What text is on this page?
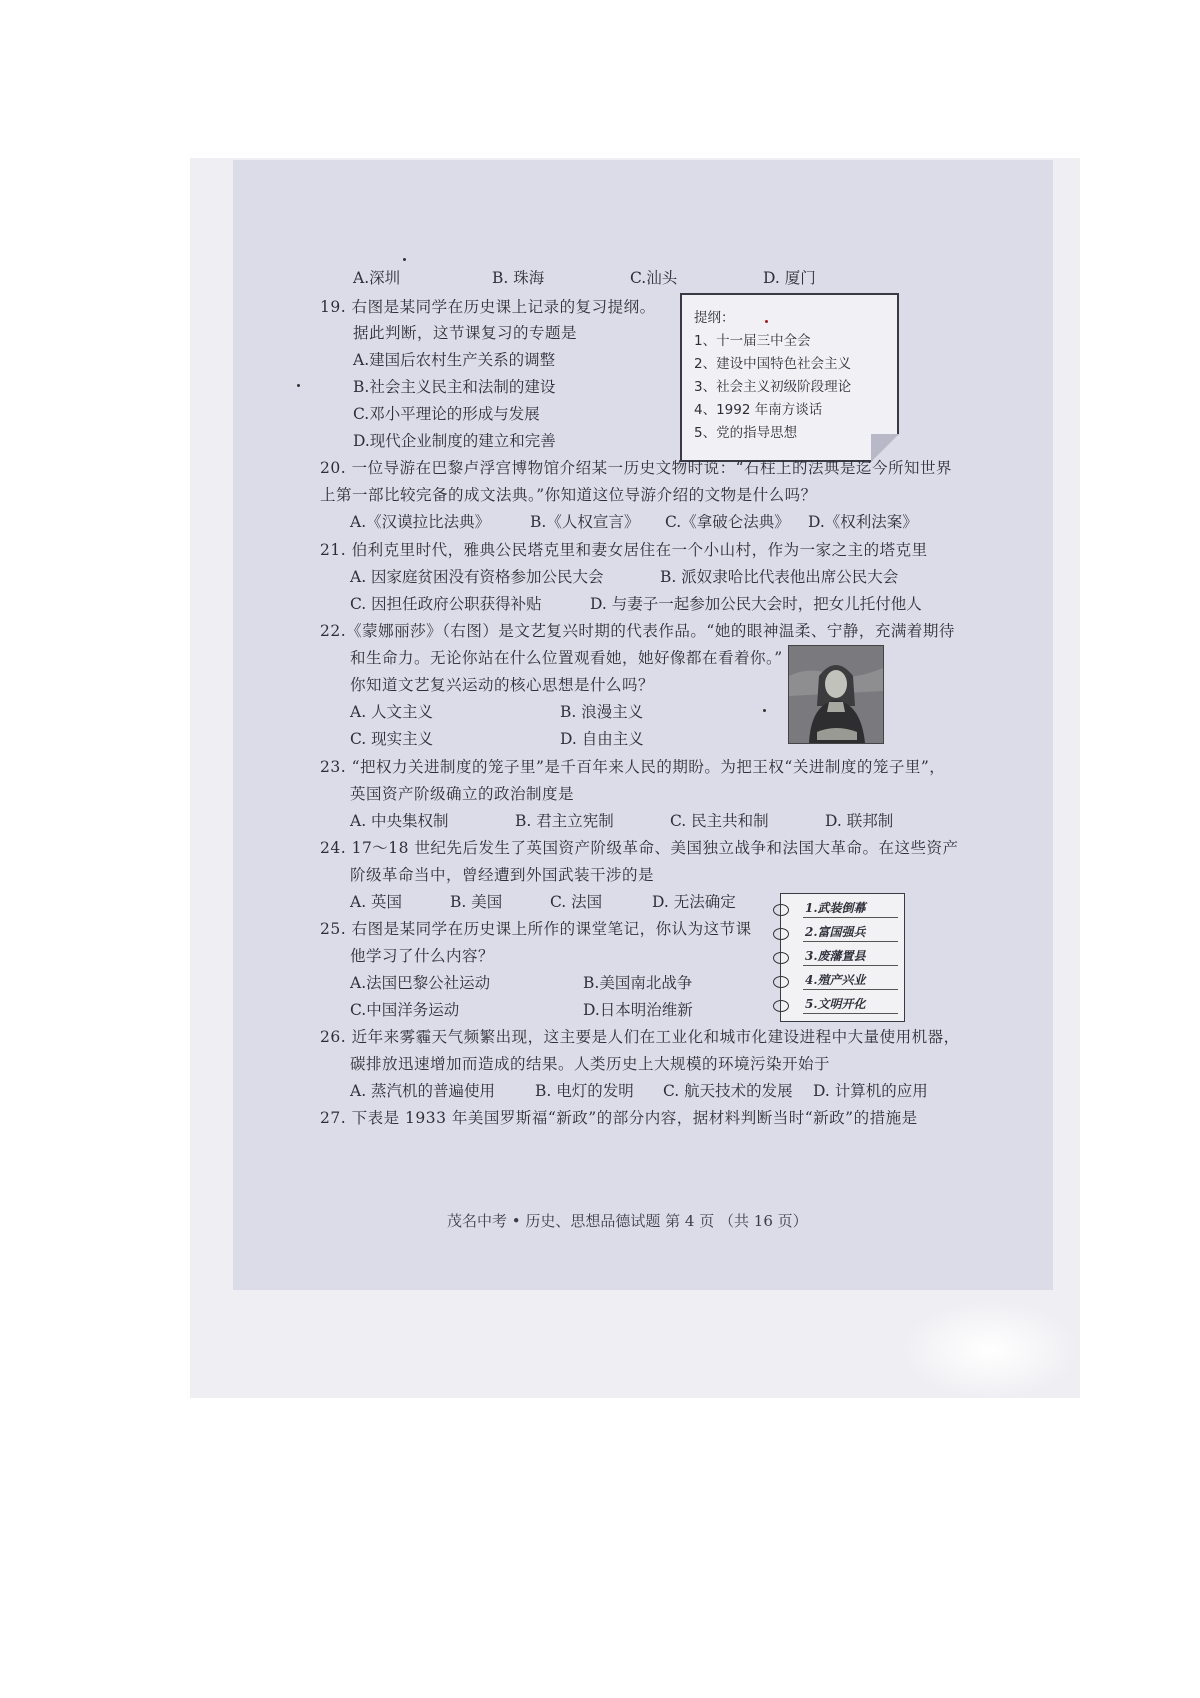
A.深圳	B. 珠海	C.汕头	D. 厦门
19. 右图是某同学在历史课上记录的复习提纲。
据此判断，这节课复习的专题是
A.建国后农村生产关系的调整
B.社会主义民主和法制的建设
C.邓小平理论的形成与发展
D.现代企业制度的建立和完善
提纲：
1、十一届三中全会
2、建设中国特色社会主义
3、社会主义初级阶段理论
4、1992 年南方谈话
5、党的指导思想
20. 一位导游在巴黎卢浮宫博物馆介绍某一历史文物时说：“石柱上的法典是迄今所知世界
上第一部比较完备的成文法典。”你知道这位导游介绍的文物是什么吗？
A.《汉谟拉比法典》	B.《人权宣言》 C.《拿破仑法典》 D.《权利法案》
21. 伯利克里时代，雅典公民塔克里和妻女居住在一个小山村，作为一家之主的塔克里
A. 因家庭贫困没有资格参加公民大会	B. 派奴隶哈比代表他出席公民大会
C. 因担任政府公职获得补贴	D. 与妻子一起参加公民大会时，把女儿托付他人
22.《蒙娜丽莎》（右图）是文艺复兴时期的代表作品。“她的眼神温柔、宁静，充满着期待
和生命力。无论你站在什么位置观看她，她好像都在看着你。”
你知道文艺复兴运动的核心思想是什么吗？
A. 人文主义	B. 浪漫主义
C. 现实主义	D. 自由主义
23. “把权力关进制度的笼子里”是千百年来人民的期盼。为把王权“关进制度的笼子里”，
英国资产阶级确立的政治制度是
A. 中央集权制	B. 君主立宪制	C. 民主共和制	D. 联邦制
24. 17～18 世纪先后发生了英国资产阶级革命、美国独立战争和法国大革命。在这些资产
阶级革命当中，曾经遭到外国武装干涉的是
A. 英国	B. 美国	C. 法国	D. 无法确定
25. 右图是某同学在历史课上所作的课堂笔记，你认为这节课
他学习了什么内容？
A.法国巴黎公社运动	B.美国南北战争
C.中国洋务运动	D.日本明治维新
1.武装倒幕
2.富国强兵
3.废藩置县
4.殖产兴业
5.文明开化
26. 近年来雾霾天气频繁出现，这主要是人们在工业化和城市化建设进程中大量使用机器，
碳排放迅速增加而造成的结果。人类历史上大规模的环境污染开始于
A. 蒸汽机的普遍使用	B. 电灯的发明 C. 航天技术的发展 D. 计算机的应用
27. 下表是 1933 年美国罗斯福“新政”的部分内容，据材料判断当时“新政”的措施是
茂名中考 • 历史、思想品德试题 第 4 页 （共 16 页）
